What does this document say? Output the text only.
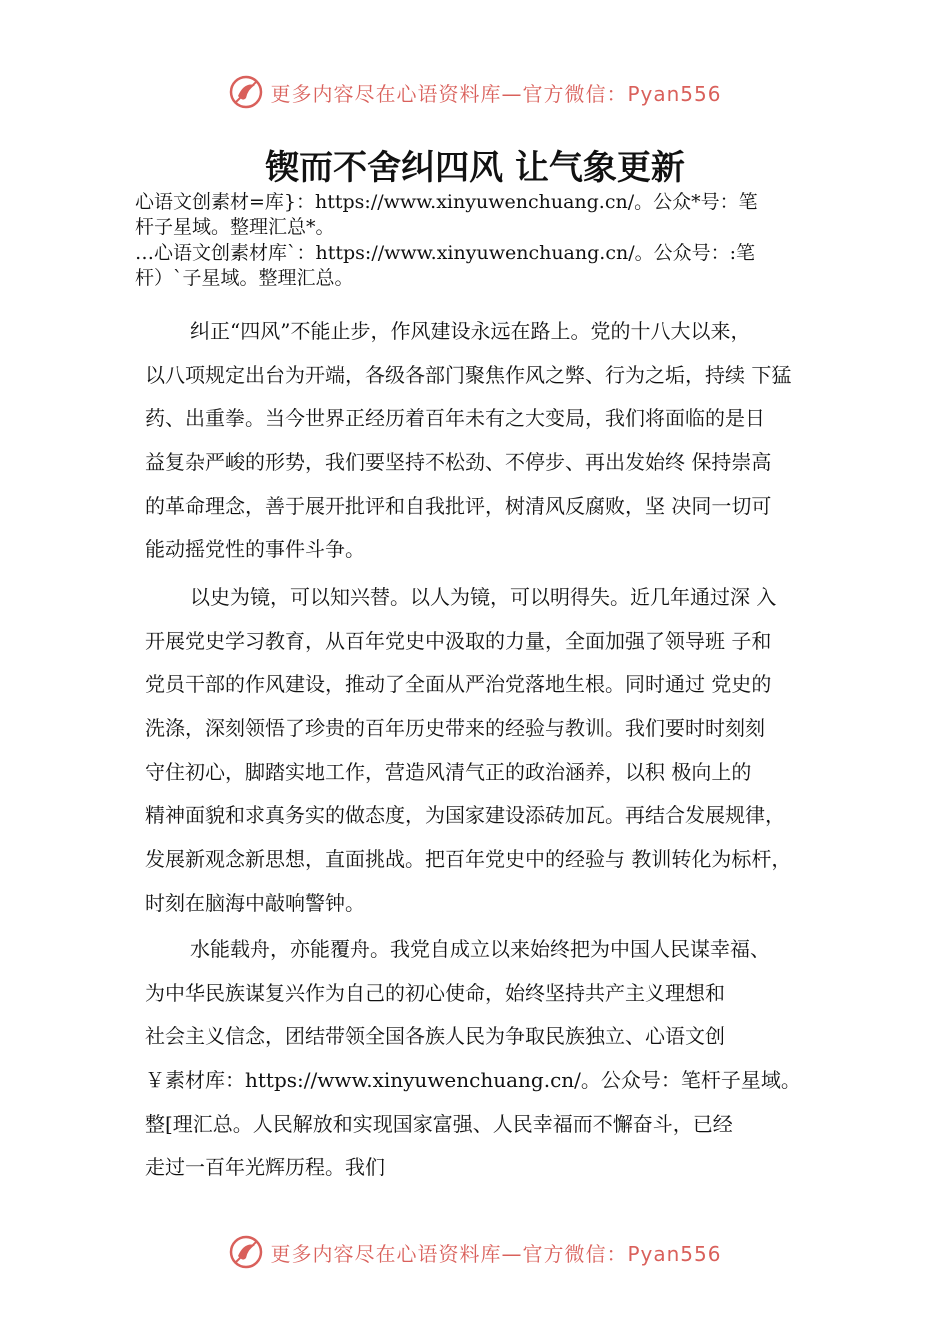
更多内容尽在心语资料库—官方微信：Pyan556
锲而不舍纠四风 让气象更新

心语文创素材=库}：https://www.xinyuwenchuang.cn/。公众*号：笔

杆子星域。整理汇总*。

…心语文创素材库`：https://www.xinyuwenchuang.cn/。公众号：:笔

杆）`子星域。整理汇总。

纠正“四风”不能止步，作风建设永远在路上。党的十八大以来，
以八项规定出台为开端，各级各部门聚焦作风之弊、行为之垢，持续 下猛
药、出重拳。当今世界正经历着百年未有之大变局，我们将面临的是日
益复杂严峻的形势，我们要坚持不松劲、不停步、再出发始终 保持崇高
的革命理念，善于展开批评和自我批评，树清风反腐败，坚 决同一切可
能动摇党性的事件斗争。
以史为镜，可以知兴替。以人为镜，可以明得失。近几年通过深 入
开展党史学习教育，从百年党史中汲取的力量，全面加强了领导班 子和
党员干部的作风建设，推动了全面从严治党落地生根。同时通过 党史的
洗涤，深刻领悟了珍贵的百年历史带来的经验与教训。我们要时时刻刻
守住初心，脚踏实地工作，营造风清气正的政治涵养，以积 极向上的
精神面貌和求真务实的做态度，为国家建设添砖加瓦。再结合发展规律，
发展新观念新思想，直面挑战。把百年党史中的经验与 教训转化为标杆，
时刻在脑海中敲响警钟。
水能载舟，亦能覆舟。我党自成立以来始终把为中国人民谋幸福、
为中华民族谋复兴作为自己的初心使命，始终坚持共产主义理想和
社会主义信念，团结带领全国各族人民为争取民族独立、心语文创
￥素材库：https://www.xinyuwenchuang.cn/。公众号：笔杆子星域。
整[理汇总。人民解放和实现国家富强、人民幸福而不懈奋斗，已经
走过一百年光辉历程。我们
更多内容尽在心语资料库—官方微信：Pyan556
